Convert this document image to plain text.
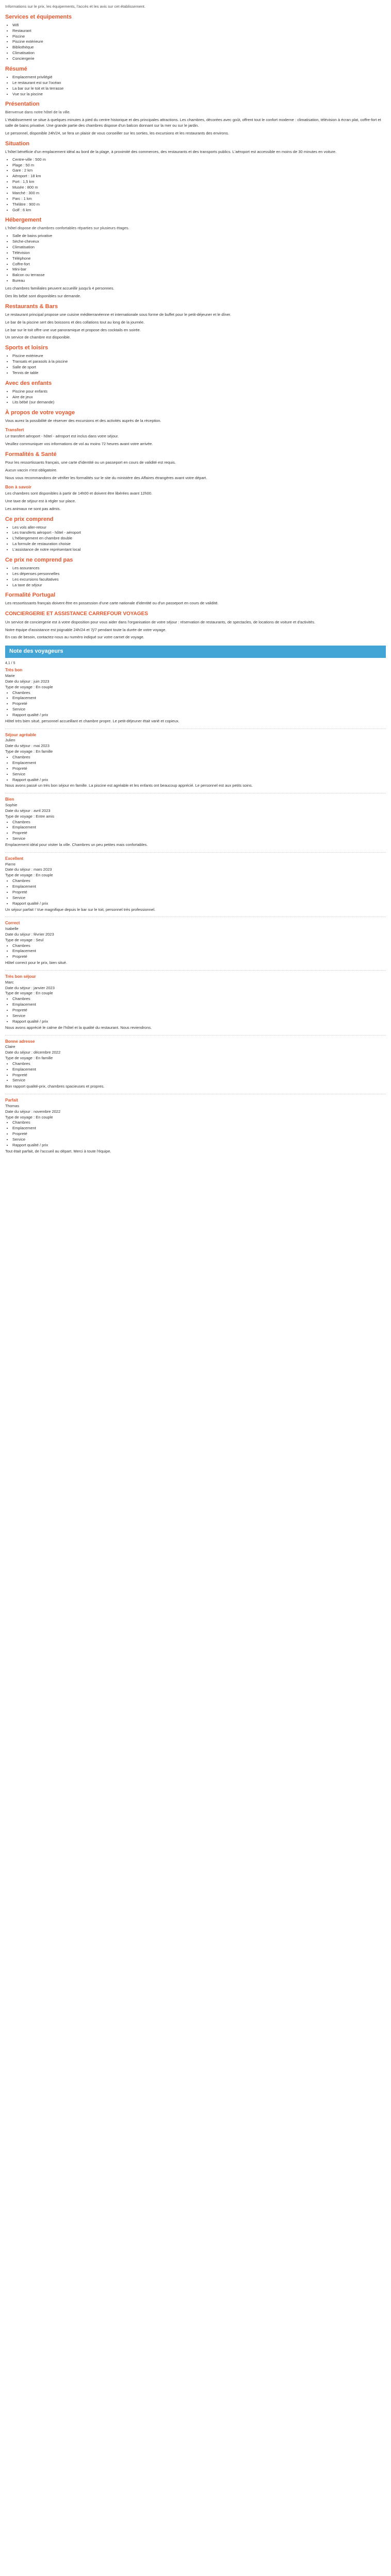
Informations sur le prix, les équipements, l'accès et les avis sur cet établissement.

Services et équipements
• Wifi
• Restaurant
• Piscine
• Piscine extérieure
• Bibliothèque
• Climatisation
• Conciergerie
Résumé
• Emplacement privilégié
• Le restaurant est sur l'océan
• La bar sur le toit et la terrasse
• Vue sur la piscine
Présentation

Bienvenue dans notre hôtel de la ville.

L'établissement se situe à quelques minutes à pied du centre historique et des principales attractions. Les chambres, décorées avec goût, offrent tout le confort moderne : climatisation, télévision à écran plat, coffre-fort et salle de bains privative. Une grande partie des chambres dispose d'un balcon donnant sur la mer ou sur le jardin.

Le personnel, disponible 24h/24, se fera un plaisir de vous conseiller sur les sorties, les excursions et les restaurants des environs.

Situation

L'hôtel bénéficie d'un emplacement idéal au bord de la plage, à proximité des commerces, des restaurants et des transports publics. L'aéroport est accessible en moins de 30 minutes en voiture.

• Centre-ville : 500 m
• Plage : 50 m
• Gare : 2 km
• Aéroport : 18 km
• Port : 1,5 km
• Musée : 800 m
• Marché : 300 m
• Parc : 1 km
• Théâtre : 900 m
• Golf : 6 km
Hébergement

L'hôtel dispose de chambres confortables réparties sur plusieurs étages.

• Salle de bains privative
• Sèche-cheveux
• Climatisation
• Télévision
• Téléphone
• Coffre-fort
• Mini-bar
• Balcon ou terrasse
• Bureau

Les chambres familiales peuvent accueillir jusqu'à 4 personnes.

Des lits bébé sont disponibles sur demande.

Restaurants & Bars

Le restaurant principal propose une cuisine méditerranéenne et internationale sous forme de buffet pour le petit-déjeuner et le dîner.

Le bar de la piscine sert des boissons et des collations tout au long de la journée.

Le bar sur le toit offre une vue panoramique et propose des cocktails en soirée.

Un service de chambre est disponible.

Sports et loisirs
• Piscine extérieure
• Transats et parasols à la piscine
• Salle de sport
• Tennis de table
Avec des enfants
• Piscine pour enfants
• Aire de jeux
• Lits bébé (sur demande)
À propos de votre voyage

Vous aurez la possibilité de réserver des excursions et des activités auprès de la réception.

Transfert

Le transfert aéroport - hôtel - aéroport est inclus dans votre séjour.

Veuillez communiquer vos informations de vol au moins 72 heures avant votre arrivée.

Formalités & Santé

Pour les ressortissants français, une carte d'identité ou un passeport en cours de validité est requis.

Aucun vaccin n'est obligatoire.

Nous vous recommandons de vérifier les formalités sur le site du ministère des Affaires étrangères avant votre départ.

Bon à savoir

Les chambres sont disponibles à partir de 14h00 et doivent être libérées avant 12h00.

Une taxe de séjour est à régler sur place.

Les animaux ne sont pas admis.

Ce prix comprend
• Les vols aller-retour
• Les transferts aéroport - hôtel - aéroport
• L'hébergement en chambre double
• La formule de restauration choisie
• L'assistance de notre représentant local
Ce prix ne comprend pas
• Les assurances
• Les dépenses personnelles
• Les excursions facultatives
• La taxe de séjour
Formalité Portugal

Les ressortissants français doivent être en possession d'une carte nationale d'identité ou d'un passeport en cours de validité.

CONCIERGERIE ET ASSISTANCE CARREFOUR VOYAGES

Un service de conciergerie est à votre disposition pour vous aider dans l'organisation de votre séjour : réservation de restaurants, de spectacles, de locations de voiture et d'activités.

Notre équipe d'assistance est joignable 24h/24 et 7j/7 pendant toute la durée de votre voyage.

En cas de besoin, contactez-nous au numéro indiqué sur votre carnet de voyage.

Note des voyageurs
4,1 / 5
Très bon
Marie
Date du séjour : juin 2023
Type de voyage : En couple
• Chambres
• Emplacement
• Propreté
• Service
• Rapport qualité / prix
Hôtel très bien situé, personnel accueillant et chambre propre. Le petit-déjeuner était varié et copieux.
Séjour agréable
Julien
Date du séjour : mai 2023
Type de voyage : En famille
• Chambres
• Emplacement
• Propreté
• Service
• Rapport qualité / prix
Nous avons passé un très bon séjour en famille. La piscine est agréable et les enfants ont beaucoup apprécié. Le personnel est aux petits soins.
Bien
Sophie
Date du séjour : avril 2023
Type de voyage : Entre amis
• Chambres
• Emplacement
• Propreté
• Service
Emplacement idéal pour visiter la ville. Chambres un peu petites mais confortables.
Excellent
Pierre
Date du séjour : mars 2023
Type de voyage : En couple
• Chambres
• Emplacement
• Propreté
• Service
• Rapport qualité / prix
Un séjour parfait ! Vue magnifique depuis le bar sur le toit, personnel très professionnel.
Correct
Isabelle
Date du séjour : février 2023
Type de voyage : Seul
• Chambres
• Emplacement
• Propreté
Hôtel correct pour le prix, bien situé.
Très bon séjour
Marc
Date du séjour : janvier 2023
Type de voyage : En couple
• Chambres
• Emplacement
• Propreté
• Service
• Rapport qualité / prix
Nous avons apprécié le calme de l'hôtel et la qualité du restaurant. Nous reviendrons.
Bonne adresse
Claire
Date du séjour : décembre 2022
Type de voyage : En famille
• Chambres
• Emplacement
• Propreté
• Service
Bon rapport qualité-prix, chambres spacieuses et propres.
Parfait
Thomas
Date du séjour : novembre 2022
Type de voyage : En couple
• Chambres
• Emplacement
• Propreté
• Service
• Rapport qualité / prix
Tout était parfait, de l'accueil au départ. Merci à toute l'équipe.
